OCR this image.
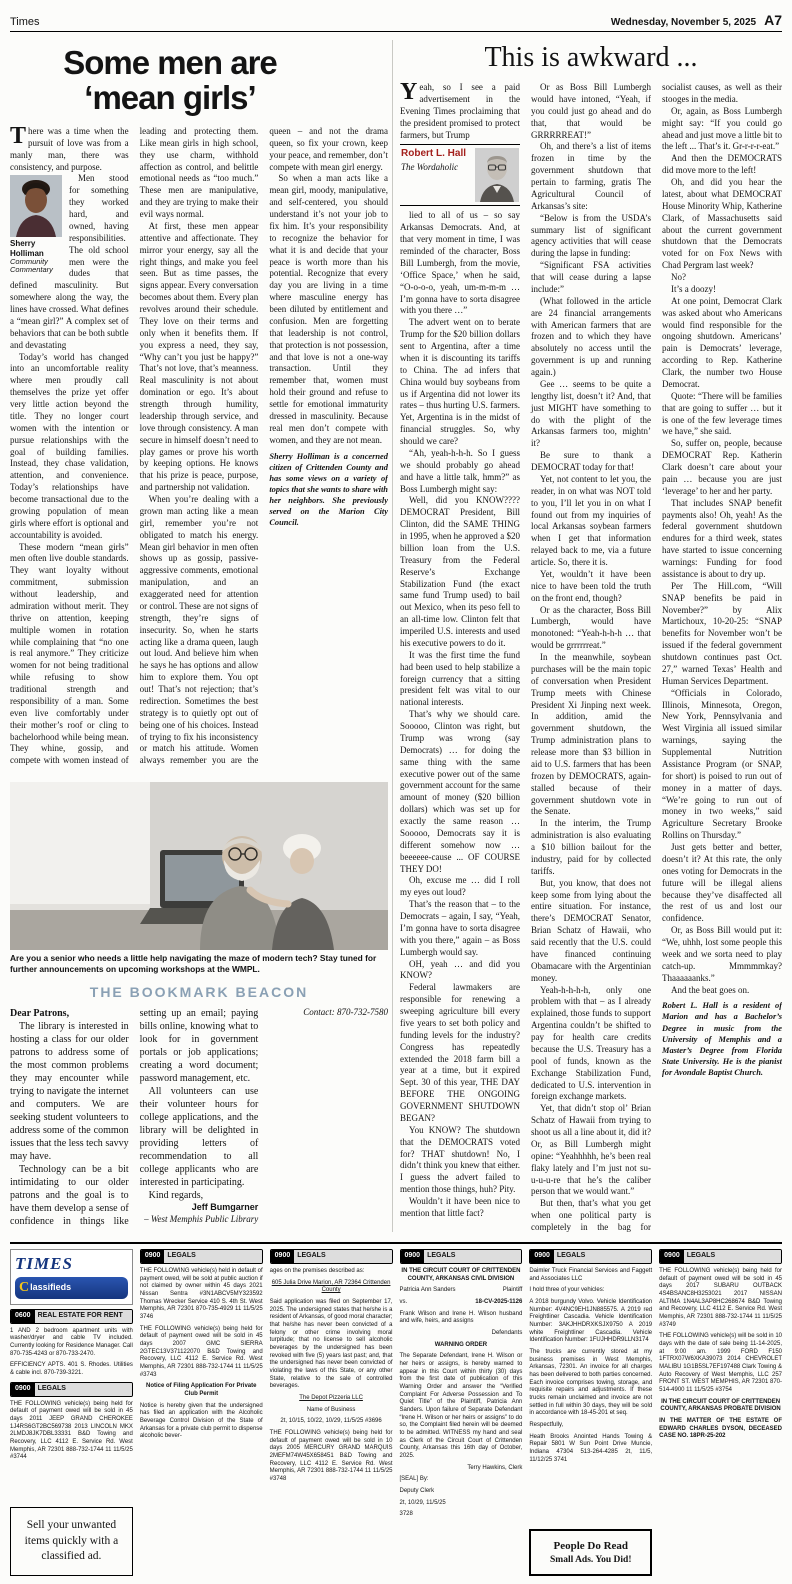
Times	Wednesday, November 5, 2025 A7
Some men are ‘mean girls’

There was a time when the pursuit of love was from a manly man, there was consistency, and purpose.

Sherry Holliman
Community Commentary

Men stood for something they worked hard, and owned, having responsibilities. The old school men were the dudes that defined masculinity. But somewhere along the way, the lines have crossed. What defines a “mean girl?” A complex set of behaviors that can be both subtle and devastating

Today’s world has changed into an uncomfortable reality where men proudly call themselves the prize yet offer very little action beyond the title. They no longer court women with the intention or pursue relationships with the goal of building families. Instead, they chase validation, attention, and convenience. Today’s relationships have become transactional due to the growing population of mean girls where effort is optional and accountability is avoided.

These modern “mean girls” men often live double standards. They want loyalty without commitment, submission without leadership, and admiration without merit. They thrive on attention, keeping multiple women in rotation while complaining that “no one is real anymore.” They criticize women for not being traditional while refusing to show traditional strength and responsibility of a man. Some even live comfortably under their mother’s roof or cling to bachelorhood while being mean. They whine, gossip, and compete with women instead of leading and protecting them. Like mean girls in high school, they use charm, withhold affection as control, and belittle emotional needs as “too much.” These men are manipulative, and they are trying to make their evil ways normal.

At first, these men appear attentive and affectionate. They mirror your energy, say all the right things, and make you feel seen. But as time passes, the signs appear. Every conversation becomes about them. Every plan revolves around their schedule. They love on their terms and only when it benefits them. If you express a need, they say, “Why can’t you just be happy?” That’s not love, that’s meanness. Real masculinity is not about domination or ego. It’s about strength through humility, leadership through service, and love through consistency. A man secure in himself doesn’t need to play games or prove his worth by keeping options. He knows that his prize is peace, purpose, and partnership not validation.

When you’re dealing with a grown man acting like a mean girl, remember you’re not obligated to match his energy. Mean girl behavior in men often shows up as gossip, passive-aggressive comments, emotional manipulation, and an exaggerated need for attention or control. These are not signs of strength, they’re signs of insecurity. So, when he starts acting like a drama queen, laugh out loud. And believe him when he says he has options and allow him to explore them. You opt out! That’s not rejection; that’s redirection. Sometimes the best strategy is to quietly opt out of being one of his choices. Instead of trying to fix his inconsistency or match his attitude. Women always remember you are the queen – and not the drama queen, so fix your crown, keep your peace, and remember, don’t compete with mean girl energy.

So when a man acts like a mean girl, moody, manipulative, and self-centered, you should understand it’s not your job to fix him. It’s your responsibility to recognize the behavior for what it is and decide that your peace is worth more than his potential. Recognize that every day you are living in a time where masculine energy has been diluted by entitlement and confusion. Men are forgetting that leadership is not control, that protection is not possession, and that love is not a one-way transaction. Until they remember that, women must hold their ground and refuse to settle for emotional immaturity dressed in masculinity. Because real men don’t compete with women, and they are not mean.

Sherry Holliman is a concerned citizen of Crittenden County and has some views on a variety of topics that she wants to share with her neighbors. She previously served on the Marion City Council.

This is awkward ...

Yeah, so I see a paid advertisement in the Evening Times proclaiming that the president promised to protect farmers, but Trump

Robert L. Hall
The Wordaholic

lied to all of us – so say Arkansas Democrats. And, at that very moment in time, I was reminded of the character, Boss Bill Lumbergh, from the movie, ‘Office Space,’ when he said, “O-o-o-o, yeah, um-m-m-m … I’m gonna have to sorta disagree with you there …”

The advert went on to berate Trump for the $20 billion dollars sent to Argentina, after a time when it is discounting its tariffs to China. The ad infers that China would buy soybeans from us if Argentina did not lower its rates – thus hurting U.S. farmers. Yet, Argentina is in the midst of financial struggles. So, why should we care?

“Ah, yeah-h-h-h. So I guess we should probably go ahead and have a little talk, hmm?” as Boss Lumbergh might say:

Well, did you KNOW???? DEMOCRAT President, Bill Clinton, did the SAME THING in 1995, when he approved a $20 billion loan from the U.S. Treasury from the Federal Reserve’s Exchange Stabilization Fund (the exact same fund Trump used) to bail out Mexico, when its peso fell to an all-time low. Clinton felt that imperiled U.S. interests and used his executive powers to do it.

It was the first time the fund had been used to help stabilize a foreign currency that a sitting president felt was vital to our national interests.

That’s why we should care. Sooooo, Clinton was right, but Trump was wrong (say Democrats) … for doing the same thing with the same executive power out of the same government account for the same amount of money ($20 billion dollars) which was set up for exactly the same reason … Sooooo, Democrats say it is different somehow now … beeeeee-cause ... OF COURSE THEY DO!

Oh, excuse me … did I roll my eyes out loud?

That’s the reason that – to the Democrats – again, I say, “Yeah, I’m gonna have to sorta disagree with you there,” again – as Boss Lumbergh would say.

OH, yeah … and did you KNOW?

Federal lawmakers are responsible for renewing a sweeping agriculture bill every five years to set both policy and funding levels for the industry? Congress has repeatedly extended the 2018 farm bill a year at a time, but it expired Sept. 30 of this year, THE DAY BEFORE THE ONGOING GOVERNMENT SHUTDOWN BEGAN?

You KNOW? The shutdown that the DEMOCRATS voted for? THAT shutdown! No, I didn’t think you knew that either. I guess the advert failed to mention those things, huh? Pity.

Wouldn’t it have been nice to mention that little fact?

Or as Boss Bill Lumbergh would have intoned, “Yeah, if you could just go ahead and do that, that would be GRRRRREAT!”

Oh, and there’s a list of items frozen in time by the government shutdown that pertain to farming, gratis The Agricultural Council of Arkansas’s site:

“Below is from the USDA’s summary list of significant agency activities that will cease during the lapse in funding:

“Significant FSA activities that will cease during a lapse include:”

(What followed in the article are 24 financial arrangements with American farmers that are frozen and to which they have absolutely no access until the government is up and running again.)

Gee … seems to be quite a lengthy list, doesn’t it? And, that just MIGHT have something to do with the plight of the Arkansas farmers too, mightn’ it?

Be sure to thank a DEMOCRAT today for that!

Yet, not content to let you, the reader, in on what was NOT told to you, I’ll let you in on what I found out from my inquiries of local Arkansas soybean farmers when I get that information relayed back to me, via a future article. So, there it is.

Yet, wouldn’t it have been nice to have been told the truth on the front end, though?

Or as the character, Boss Bill Lumbergh, would have monotoned: “Yeah-h-h-h … that would be grrrrrreat.”

In the meanwhile, soybean purchases will be the main topic of conversation when President Trump meets with Chinese President Xi Jinping next week. In addition, amid the government shutdown, the Trump administration plans to release more than $3 billion in aid to U.S. farmers that has been frozen by DEMOCRATS, again-stalled because of their government shutdown vote in the Senate.

In the interim, the Trump administration is also evaluating a $10 billion bailout for the industry, paid for by collected tariffs.

But, you know, that does not keep some from lying about the entire situation. For instance, there’s DEMOCRAT Senator, Brian Schatz of Hawaii, who said recently that the U.S. could have financed continuing Obamacare with the Argentinian money.

Yeah-h-h-h-h, only one problem with that – as I already explained, those funds to support Argentina couldn’t be shifted to pay for health care credits because the U.S. Treasury has a pool of funds, known as the Exchange Stabilization Fund, dedicated to U.S. intervention in foreign exchange markets.

Yet, that didn’t stop ol’ Brian Schatz of Hawaii from trying to shoot us all a line about it, did it? Or, as Bill Lumbergh might opine: “Yeahhhhh, he’s been real flaky lately and I’m just not su-u-u-u-re that he’s the caliber person that we would want.”

But then, that’s what you get when one political party is completely in the bag for socialist causes, as well as their stooges in the media.

Or, again, as Boss Lumbergh might say: “If you could go ahead and just move a little bit to the left ... That’s it. Gr-r-r-r-eat.”

And then the DEMOCRATS did move more to the left!

Oh, and did you hear the latest, about what DEMOCRAT House Minority Whip, Katherine Clark, of Massachusetts said about the current government shutdown that the Democrats voted for on Fox News with Chad Pergram last week?

No?

It’s a doozy!

At one point, Democrat Clark was asked about who Americans would find responsible for the ongoing shutdown. Americans’ pain is Democrats’ leverage, according to Rep. Katherine Clark, the number two House Democrat.

Quote: “There will be families that are going to suffer … but it is one of the few leverage times we have,” she said.

So, suffer on, people, because DEMOCRAT Rep. Katherin Clark doesn’t care about your pain … because you are just ‘leverage’ to her and her party.

That includes SNAP benefit payments also! Oh, yeah! As the federal government shutdown endures for a third week, states have started to issue concerning warnings: Funding for food assistance is about to dry up.

Per The Hill.com, “Will SNAP benefits be paid in November?” by Alix Martichoux, 10-20-25: “SNAP benefits for November won’t be issued if the federal government shutdown continues past Oct. 27,” warned Texas’ Health and Human Services Department.

“Officials in Colorado, Illinois, Minnesota, Oregon, New York, Pennsylvania and West Virginia all issued similar warnings, saying the Supplemental Nutrition Assistance Program (or SNAP, for short) is poised to run out of money in a matter of days. “We’re going to run out of money in two weeks,” said Agriculture Secretary Brooke Rollins on Thursday.”

Just gets better and better, doesn’t it? At this rate, the only ones voting for Democrats in the future will be illegal aliens because they’ve disaffected all the rest of us and lost our confidence.

Or, as Boss Bill would put it: “We, uhhh, lost some people this week and we sorta need to play catch-up. Mmmmmkay? Thaaaaaanks.”

And the beat goes on.

Robert L. Hall is a resident of Marion and has a Bachelor’s Degree in music from the University of Memphis and a Master’s Degree from Florida State University. He is the pianist for Avondale Baptist Church.

Are you a senior who needs a little help navigating the maze of modern tech? Stay tuned for further announcements on upcoming workshops at the WMPL.
THE BOOKMARK BEACON

Dear Patrons,

The library is interested in hosting a class for our older patrons to address some of the most common problems they may encounter while trying to navigate the internet and computers. We are seeking student volunteers to address some of the common issues that the less tech savvy may have.

Technology can be a bit intimidating to our older patrons and the goal is to have them develop a sense of confidence in things like setting up an email; paying bills online, knowing what to look for in government portals or job applications; creating a word document; password management, etc.

All volunteers can use their volunteer hours for college applications, and the library will be delighted in providing letters of recommendation to all college applicants who are interested in participating.

Kind regards,

Jeff Bumgarner
– West Memphis Public Library
Contact: 870-732-7580
TIMES
C lassifieds
0600	REAL ESTATE FOR RENT

1 AND 2 bedroom apartment units with washer/dryer and cable TV included. Currently looking for Residence Manager. Call 870-735-4243 or 870-733-2470.

EFFICIENCY APTS. 401 S. Rhodes. Utilities & cable incl. 870-739-3221.

0900	LEGALS

THE FOLLOWING vehicle(s) being held for default of payment owed will be sold in 45 days 2011 JEEP GRAND CHEROKEE 1J4RS6GT2BC569738 2013 LINCOLN MKX 2LMDJ8JK7DBL33331 B&D Towing and Recovery, LLC 4112 E. Service Rd. West Memphis, AR 72301 888-732-1744 11 11/5/25 #3744

Sell your unwanted items quickly with a classified ad.
0900	LEGALS

THE FOLLOWING vehicle(s) held in default of payment owed, will be sold at public auction if not claimed by owner within 45 days 2021 Nissan Sentra #3N1ABCV5MY323592 Thomas Wrecker Service 410 S. 4th St. West Memphis, AR 72301 870-735-4929 11 11/5/25 3746

THE FOLLOWING vehicle(s) being held for default of payment owed will be sold in 45 days 2007 GMC SIERRA 2GTEC13V371122070 B&D Towing and Recovery, LLC 4112 E. Service Rd. West Memphis, AR 72301 888-732-1744 11 11/5/25 #3743

Notice of Filing Application For Private Club Permit

Notice is hereby given that the undersigned has filed an application with the Alcoholic Beverage Control Division of the State of Arkansas for a private club permit to dispense alcoholic bever-

0900	LEGALS

ages on the premises described as:

605 Julia Drive Marion, AR 72364 Crittenden County

Said application was filed on September 17, 2025. The undersigned states that he/she is a resident of Arkansas, of good moral character; that he/she has never been convicted of a felony or other crime involving moral turpitude; that no license to sell alcoholic beverages by the undersigned has been revoked with five (5) years last past; and, that the undersigned has never been convicted of violating the laws of this State, or any other State, relative to the sale of controlled beverages.

The Depot Pizzeria LLC

Name of Business

2t, 10/15, 10/22, 10/29, 11/5/25 #3696

THE FOLLOWING vehicle(s) being held for default of payment owed will be sold in 10 days 2005 MERCURY GRAND MARQUIS 2MEFM74W45X658451 B&D Towing and Recovery, LLC 4112 E. Service Rd. West Memphis, AR 72301 888-732-1744 11 11/5/25 #3748

0900	LEGALS

IN THE CIRCUIT COURT OF CRITTENDEN COUNTY, ARKANSAS CIVIL DIVISION

Patricia Ann Sanders	Plaintiff
vs.	18-CV-2025-1126

Frank Wilson and Irene H. Wilson husband and wife, heirs, and assigns

Defendants

WARNING ORDER

The Separate Defendant, Irene H. Wilson or her heirs or assigns, is hereby warned to appear in this Court within thirty (30) days from the first date of publication of this Warning Order and answer the “Verified Complaint For Adverse Possession and To Quiet Title” of the Plaintiff, Patricia Ann Sanders. Upon failure of Separate Defendant “Irene H. Wilson or her heirs or assigns” to do so, the Complaint filed herein will be deemed to be admitted. WITNESS my hand and seal as Clerk of the Circuit Court of Crittenden County, Arkansas this 16th day of October, 2025.

Terry Hawkins, Clerk
[SEAL] By:
Deputy Clerk
2t, 10/29, 11/5/25
3728
0900	LEGALS

Daimler Truck Financial Services and Faggett and Associates LLC

I hold three of your vehicles:

A 2018 burgundy Volvo. Vehicle Identification Number: 4V4NC9EH1JN885575. A 2019 red Freightliner Cascadia. Vehicle Identification Number: 3AKJHHDRXKSJX9750 A 2019 white Freightliner Cascadia. Vehicle Identification Number: 1FUJHHDR9LLN3174

The trucks are currently stored at my business premises in West Memphis, Arkansas, 72301. An invoice for all charges has been delivered to both parties concerned. Each invoice comprises towing, storage, and requisite repairs and adjustments. If these trucks remain unclaimed and invoice are not settled in full within 30 days, they will be sold in accordance with 18-45-201 et seq.

Respectfully,

Heath Brooks Anointed Hands Towing & Repair 5801 W Sun Point Drive Muncie, Indiana 47304 513-264-4285 2t, 11/5, 11/12/25 3741

People Do Read
Small Ads. You Did!
0900	LEGALS

THE FOLLOWING vehicle(s) being held for default of payment owed will be sold in 45 days 2017 SUBARU OUTBACK 4S4BSANC8H3253021 2017 NISSAN ALTIMA 1N4AL3AP8HC268674 B&D Towing and Recovery, LLC 4112 E. Service Rd. West Memphis, AR 72301 888-732-1744 11 11/5/25 #3749

THE FOLLOWING vehicle(s) will be sold in 10 days with the date of sale being 11-14-2025, at 9:00 am. 1999 FORD F150 1FTRX07W6XKA39073 2014 CHEVROLET MALIBU 1G1B5SL7EF197488 Clark Towing & Auto Recovery of West Memphis, LLC 257 FRONT ST. WEST MEMPHIS, AR 72301 870-514-4900 11 11/5/25 #3754

IN THE CIRCUIT COURT OF CRITTENDEN COUNTY, ARKANSAS PROBATE DIVISION

IN THE MATTER OF THE ESTATE OF EDWARD CHARLES DYSON, DECEASED CASE NO. 18PR-25-202
